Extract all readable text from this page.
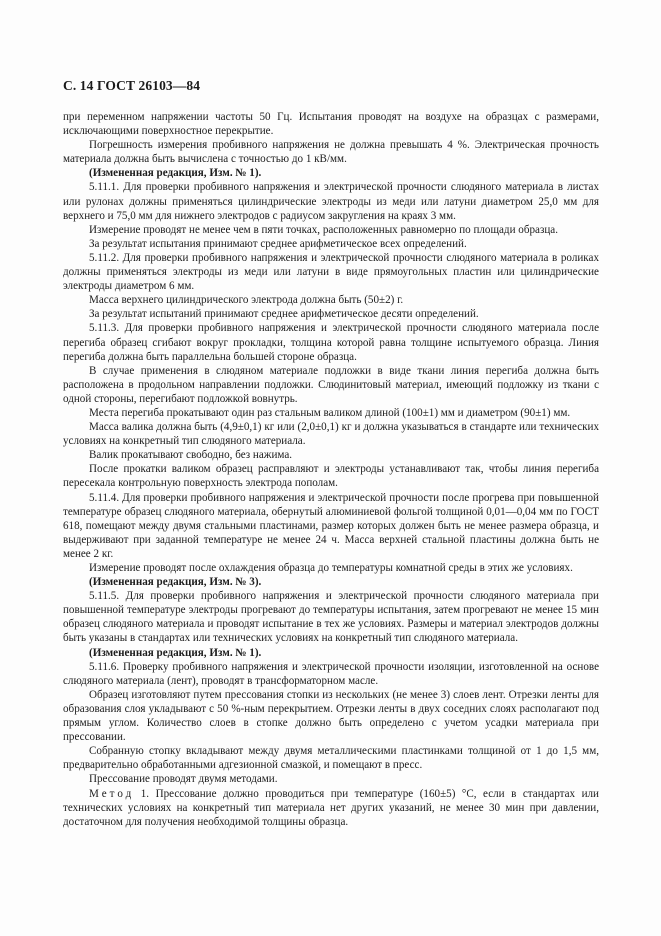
С. 14 ГОСТ 26103—84

при переменном напряжении частоты 50 Гц. Испытания проводят на воздухе на образцах с размерами, исключающими поверхностное перекрытие.

Погрешность измерения пробивного напряжения не должна превышать 4 %. Электрическая прочность материала должна быть вычислена с точностью до 1 кВ/мм.

(Измененная редакция, Изм. № 1).

5.11.1. Для проверки пробивного напряжения и электрической прочности слюдяного материала в листах или рулонах должны применяться цилиндрические электроды из меди или латуни диаметром 25,0 мм для верхнего и 75,0 мм для нижнего электродов с радиусом закругления на краях 3 мм.

Измерение проводят не менее чем в пяти точках, расположенных равномерно по площади образца.

За результат испытания принимают среднее арифметическое всех определений.

5.11.2. Для проверки пробивного напряжения и электрической прочности слюдяного материала в роликах должны применяться электроды из меди или латуни в виде прямоугольных пластин или цилиндрические электроды диаметром 6 мм.

Масса верхнего цилиндрического электрода должна быть (50±2) г.

За результат испытаний принимают среднее арифметическое десяти определений.

5.11.3. Для проверки пробивного напряжения и электрической прочности слюдяного материала после перегиба образец сгибают вокруг прокладки, толщина которой равна толщине испытуемого образца. Линия перегиба должна быть параллельна большей стороне образца.

В случае применения в слюдяном материале подложки в виде ткани линия перегиба должна быть расположена в продольном направлении подложки. Слюдинитовый материал, имеющий подложку из ткани с одной стороны, перегибают подложкой вовнутрь.

Места перегиба прокатывают один раз стальным валиком длиной (100±1) мм и диаметром (90±1) мм.

Масса валика должна быть (4,9±0,1) кг или (2,0±0,1) кг и должна указываться в стандарте или технических условиях на конкретный тип слюдяного материала.

Валик прокатывают свободно, без нажима.

После прокатки валиком образец расправляют и электроды устанавливают так, чтобы линия перегиба пересекала контрольную поверхность электрода пополам.

5.11.4. Для проверки пробивного напряжения и электрической прочности после прогрева при повышенной температуре образец слюдяного материала, обернутый алюминиевой фольгой толщиной 0,01—0,04 мм по ГОСТ 618, помещают между двумя стальными пластинами, размер которых должен быть не менее размера образца, и выдерживают при заданной температуре не менее 24 ч. Масса верхней стальной пластины должна быть не менее 2 кг.

Измерение проводят после охлаждения образца до температуры комнатной среды в этих же условиях.

(Измененная редакция, Изм. № 3).

5.11.5. Для проверки пробивного напряжения и электрической прочности слюдяного материала при повышенной температуре электроды прогревают до температуры испытания, затем прогревают не менее 15 мин образец слюдяного материала и проводят испытание в тех же условиях. Размеры и материал электродов должны быть указаны в стандартах или технических условиях на конкретный тип слюдяного материала.

(Измененная редакция, Изм. № 1).

5.11.6. Проверку пробивного напряжения и электрической прочности изоляции, изготовленной на основе слюдяного материала (лент), проводят в трансформаторном масле.

Образец изготовляют путем прессования стопки из нескольких (не менее 3) слоев лент. Отрезки ленты для образования слоя укладывают с 50 %-ным перекрытием. Отрезки ленты в двух соседних слоях располагают под прямым углом. Количество слоев в стопке должно быть определено с учетом усадки материала при прессовании.

Собранную стопку вкладывают между двумя металлическими пластинками толщиной от 1 до 1,5 мм, предварительно обработанными адгезионной смазкой, и помещают в пресс.

Прессование проводят двумя методами.

Метод 1. Прессование должно проводиться при температуре (160±5) °С, если в стандартах или технических условиях на конкретный тип материала нет других указаний, не менее 30 мин при давлении, достаточном для получения необходимой толщины образца.
